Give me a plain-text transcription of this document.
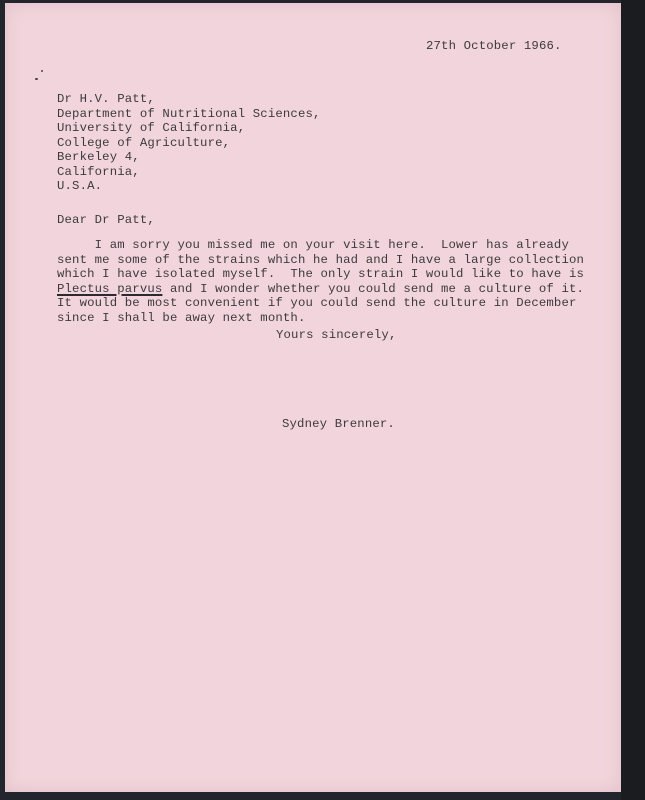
27th October 1966.
Dr H.V. Patt,
Department of Nutritional Sciences,
University of California,
College of Agriculture,
Berkeley 4,
California,
U.S.A.
Dear Dr Patt,
I am sorry you missed me on your visit here.  Lower has already
sent me some of the strains which he had and I have a large collection
which I have isolated myself.  The only strain I would like to have is
Plectus parvus and I wonder whether you could send me a culture of it.
It would be most convenient if you could send the culture in December
since I shall be away next month.
Yours sincerely,
Sydney Brenner.
